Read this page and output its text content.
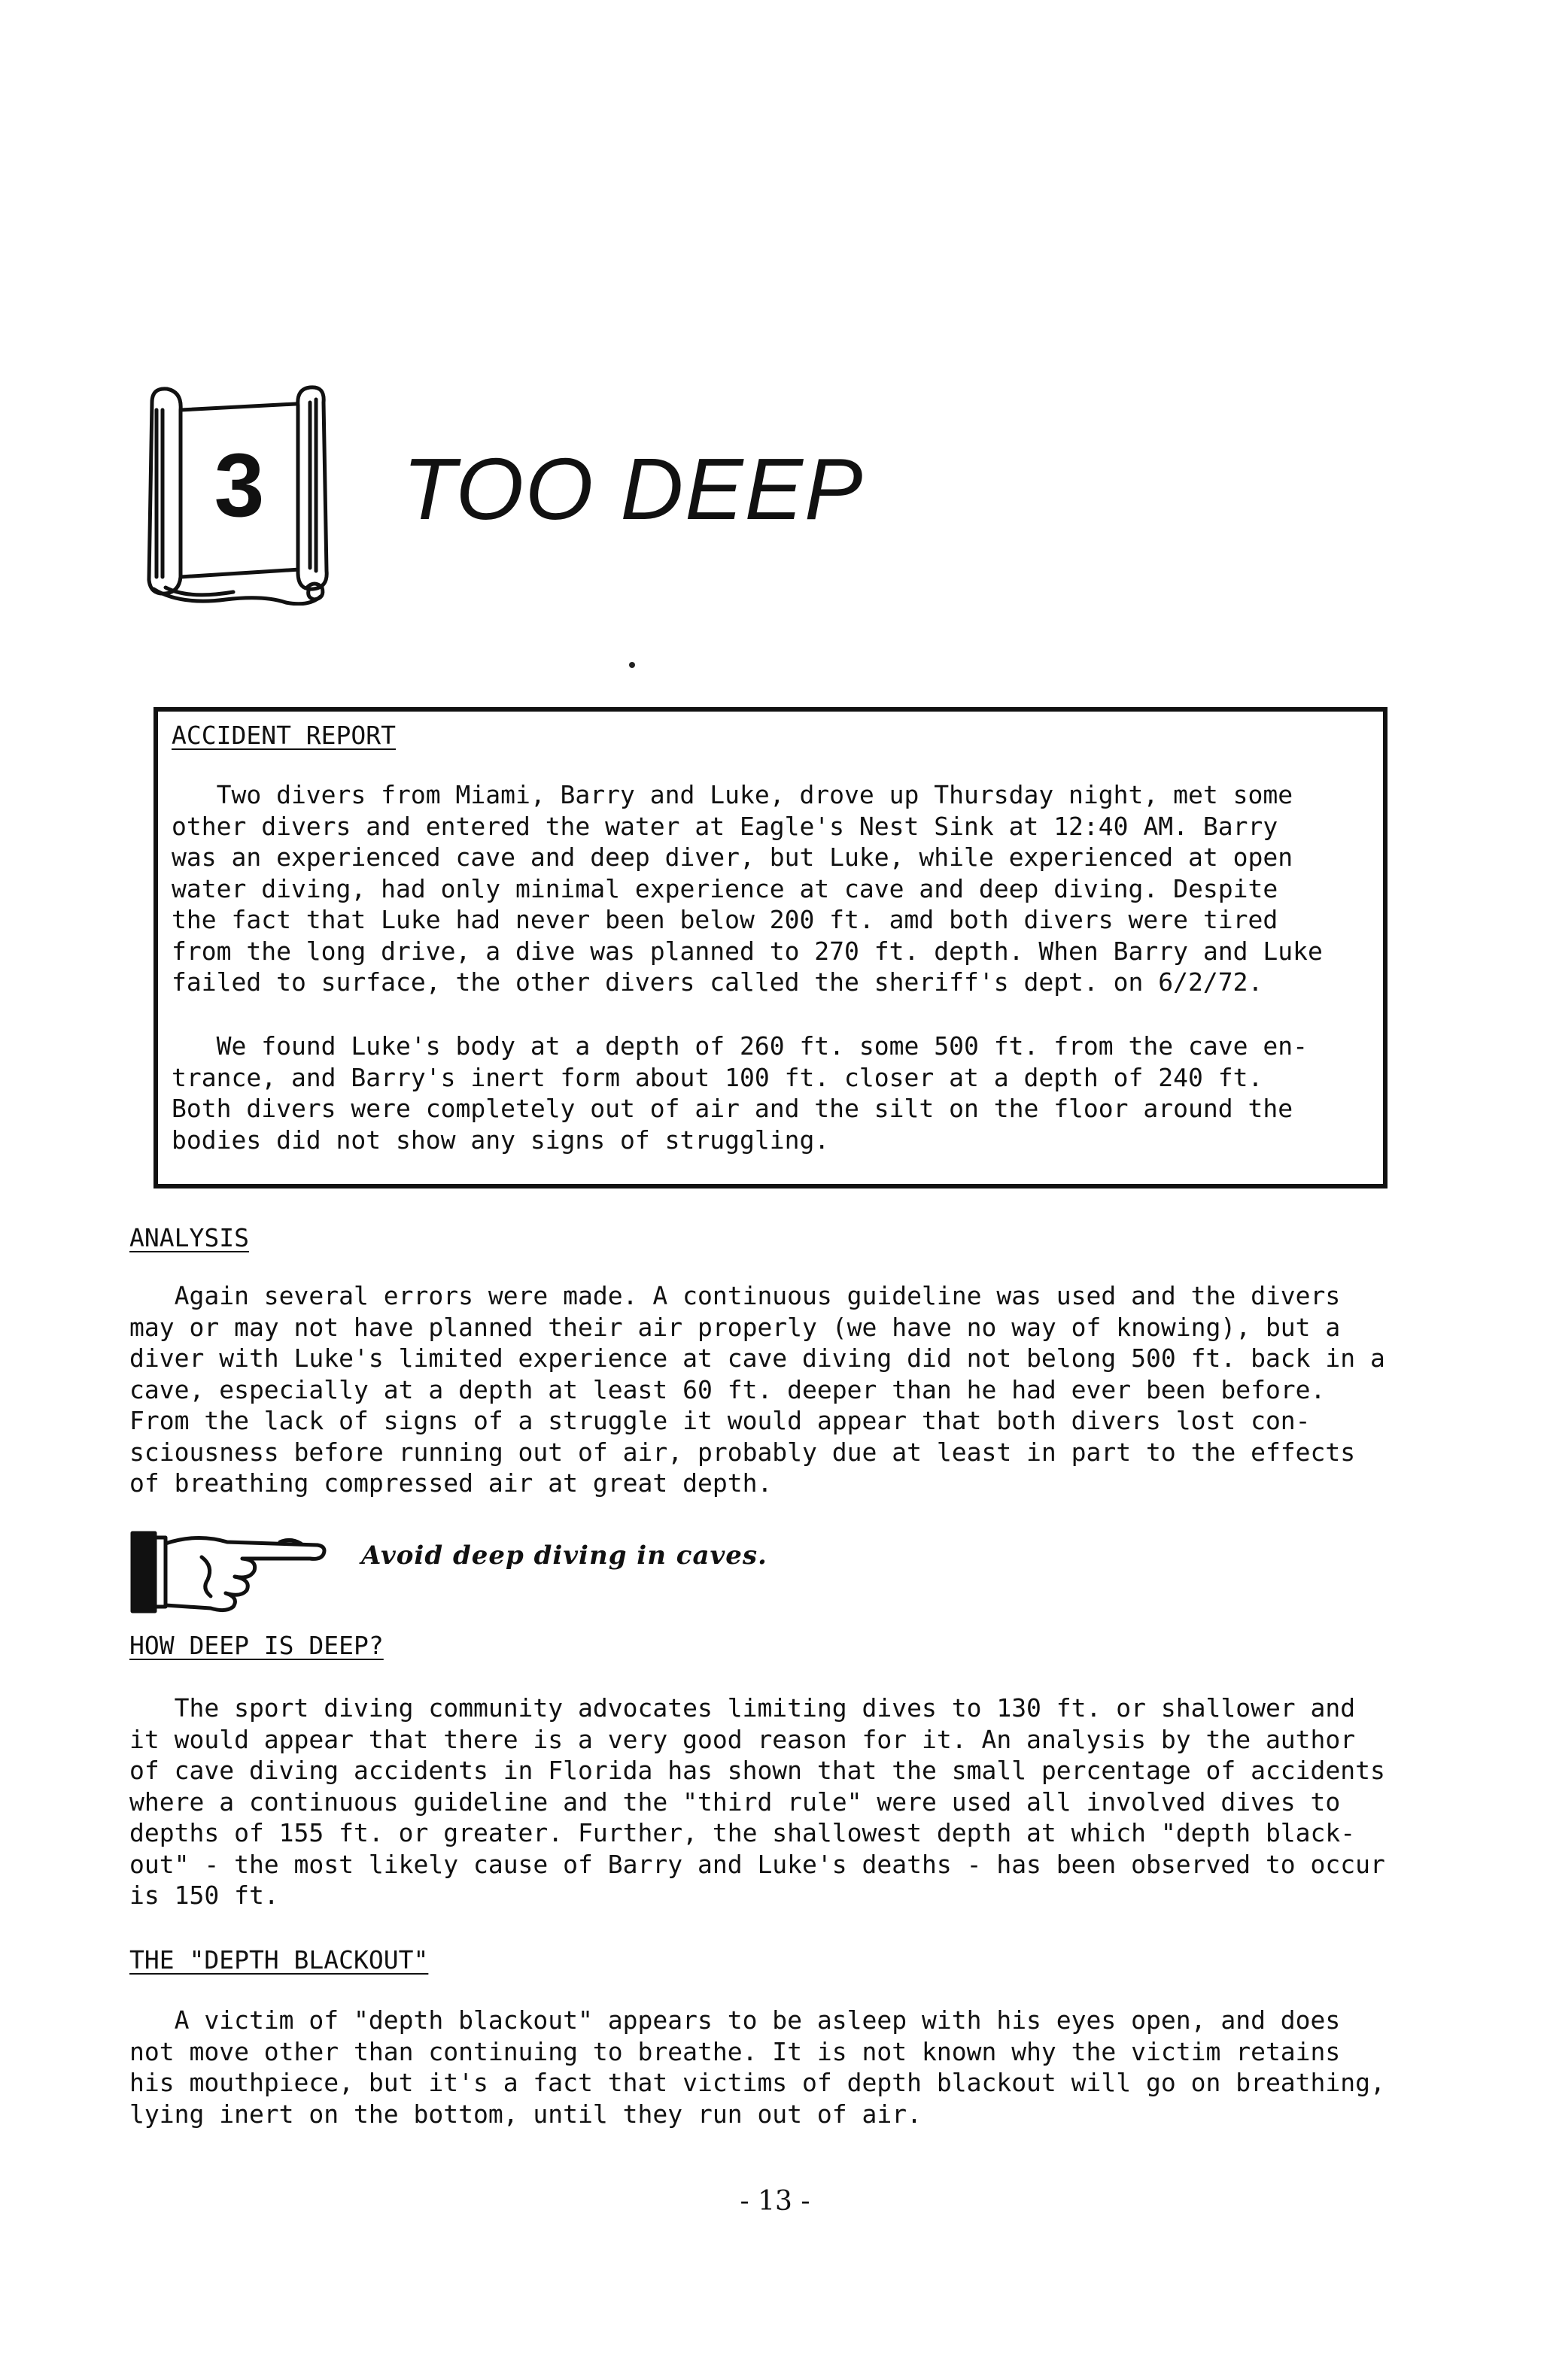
3	TOO DEEP
ACCIDENT REPORT
Two divers from Miami, Barry and Luke, drove up Thursday night, met some
other divers and entered the water at Eagle's Nest Sink at 12:40 AM. Barry
was an experienced cave and deep diver, but Luke, while experienced at open
water diving, had only minimal experience at cave and deep diving. Despite
the fact that Luke had never been below 200 ft. amd both divers were tired
from the long drive, a dive was planned to 270 ft. depth. When Barry and Luke
failed to surface, the other divers called the sheriff's dept. on 6/2/72.
We found Luke's body at a depth of 260 ft. some 500 ft. from the cave en-
trance, and Barry's inert form about 100 ft. closer at a depth of 240 ft.
Both divers were completely out of air and the silt on the floor around the
bodies did not show any signs of struggling.
ANALYSIS
Again several errors were made. A continuous guideline was used and the divers
may or may not have planned their air properly (we have no way of knowing), but a
diver with Luke's limited experience at cave diving did not belong 500 ft. back in a
cave, especially at a depth at least 60 ft. deeper than he had ever been before.
From the lack of signs of a struggle it would appear that both divers lost con-
sciousness before running out of air, probably due at least in part to the effects
of breathing compressed air at great depth.
Avoid deep diving in caves.
HOW DEEP IS DEEP?
The sport diving community advocates limiting dives to 130 ft. or shallower and
it would appear that there is a very good reason for it. An analysis by the author
of cave diving accidents in Florida has shown that the small percentage of accidents
where a continuous guideline and the "third rule" were used all involved dives to
depths of 155 ft. or greater. Further, the shallowest depth at which "depth black-
out" - the most likely cause of Barry and Luke's deaths - has been observed to occur
is 150 ft.
THE "DEPTH BLACKOUT"
A victim of "depth blackout" appears to be asleep with his eyes open, and does
not move other than continuing to breathe. It is not known why the victim retains
his mouthpiece, but it's a fact that victims of depth blackout will go on breathing,
lying inert on the bottom, until they run out of air.
- 13 -
